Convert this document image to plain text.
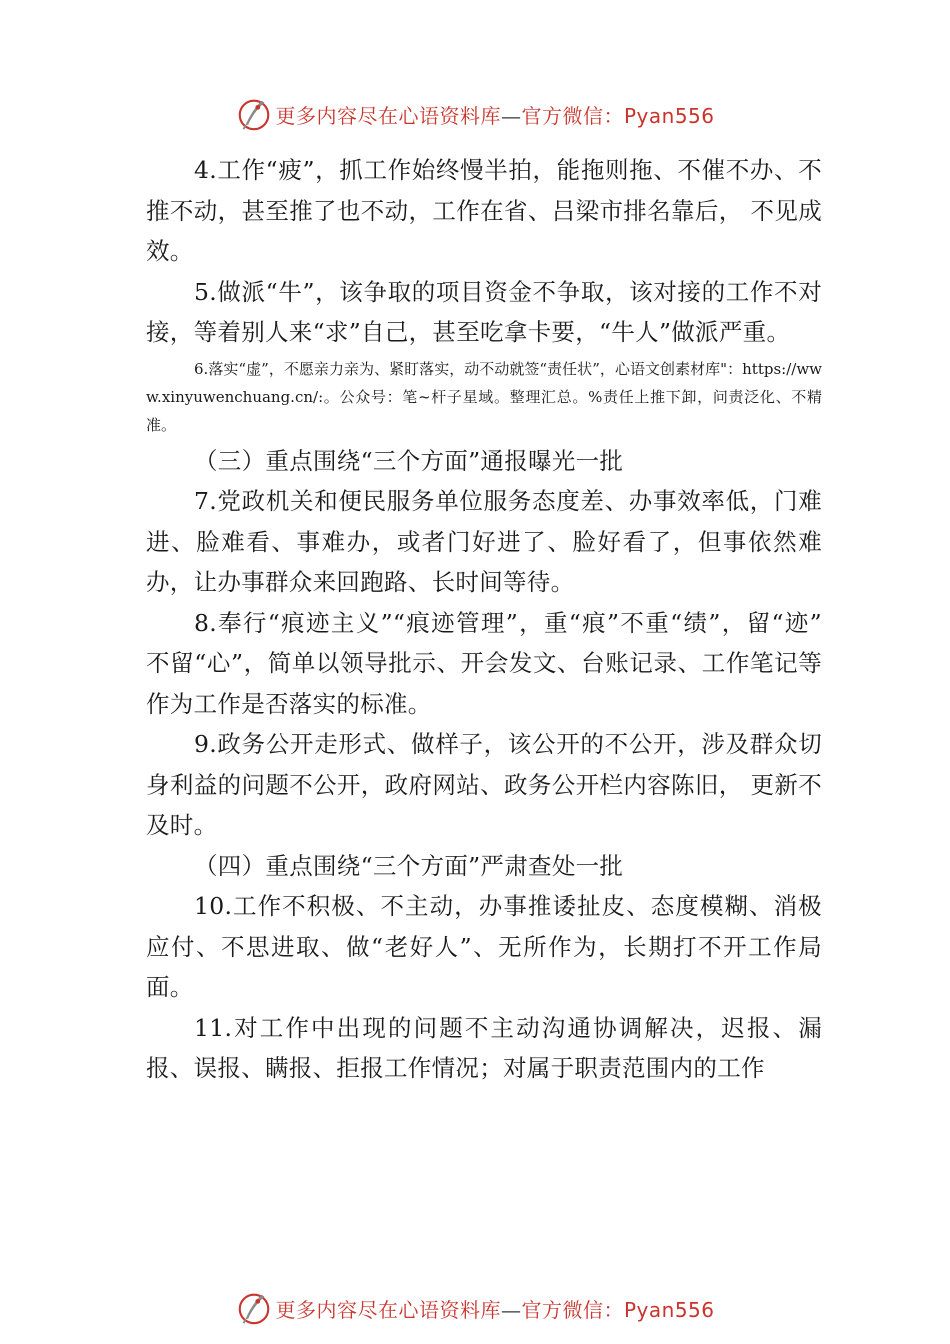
更多内容尽在心语资料库—官方微信：Pyan556

4.工作“疲”，抓工作始终慢半拍，能拖则拖、不催不办、不推不动，甚至推了也不动，工作在省、吕梁市排名靠后， 不见成效。

5.做派“牛”，该争取的项目资金不争取，该对接的工作不对接，等着别人来“求”自己，甚至吃拿卡要，“牛人”做派严重。

6.落实“虚”，不愿亲力亲为、紧盯落实，动不动就签“责任状”，心语文创素材库"：https://www.xinyuwenchuang.cn/:。公众号：笔~杆子星域。整理汇总。%责任上推下卸，问责泛化、不精准。

（三）重点围绕“三个方面”通报曝光一批

7.党政机关和便民服务单位服务态度差、办事效率低，门难进、脸难看、事难办，或者门好进了、脸好看了，但事依然难办，让办事群众来回跑路、长时间等待。

8.奉行“痕迹主义”“痕迹管理”，重“痕”不重“绩”，留“迹” 不留“心”，简单以领导批示、开会发文、台账记录、工作笔记等作为工作是否落实的标准。

9.政务公开走形式、做样子，该公开的不公开，涉及群众切身利益的问题不公开，政府网站、政务公开栏内容陈旧， 更新不及时。

（四）重点围绕“三个方面”严肃查处一批

10.工作不积极、不主动，办事推诿扯皮、态度模糊、消极应付、不思进取、做“老好人”、无所作为，长期打不开工作局面。

11.对工作中出现的问题不主动沟通协调解决，迟报、漏报、误报、瞒报、拒报工作情况；对属于职责范围内的工作

更多内容尽在心语资料库—官方微信：Pyan556
